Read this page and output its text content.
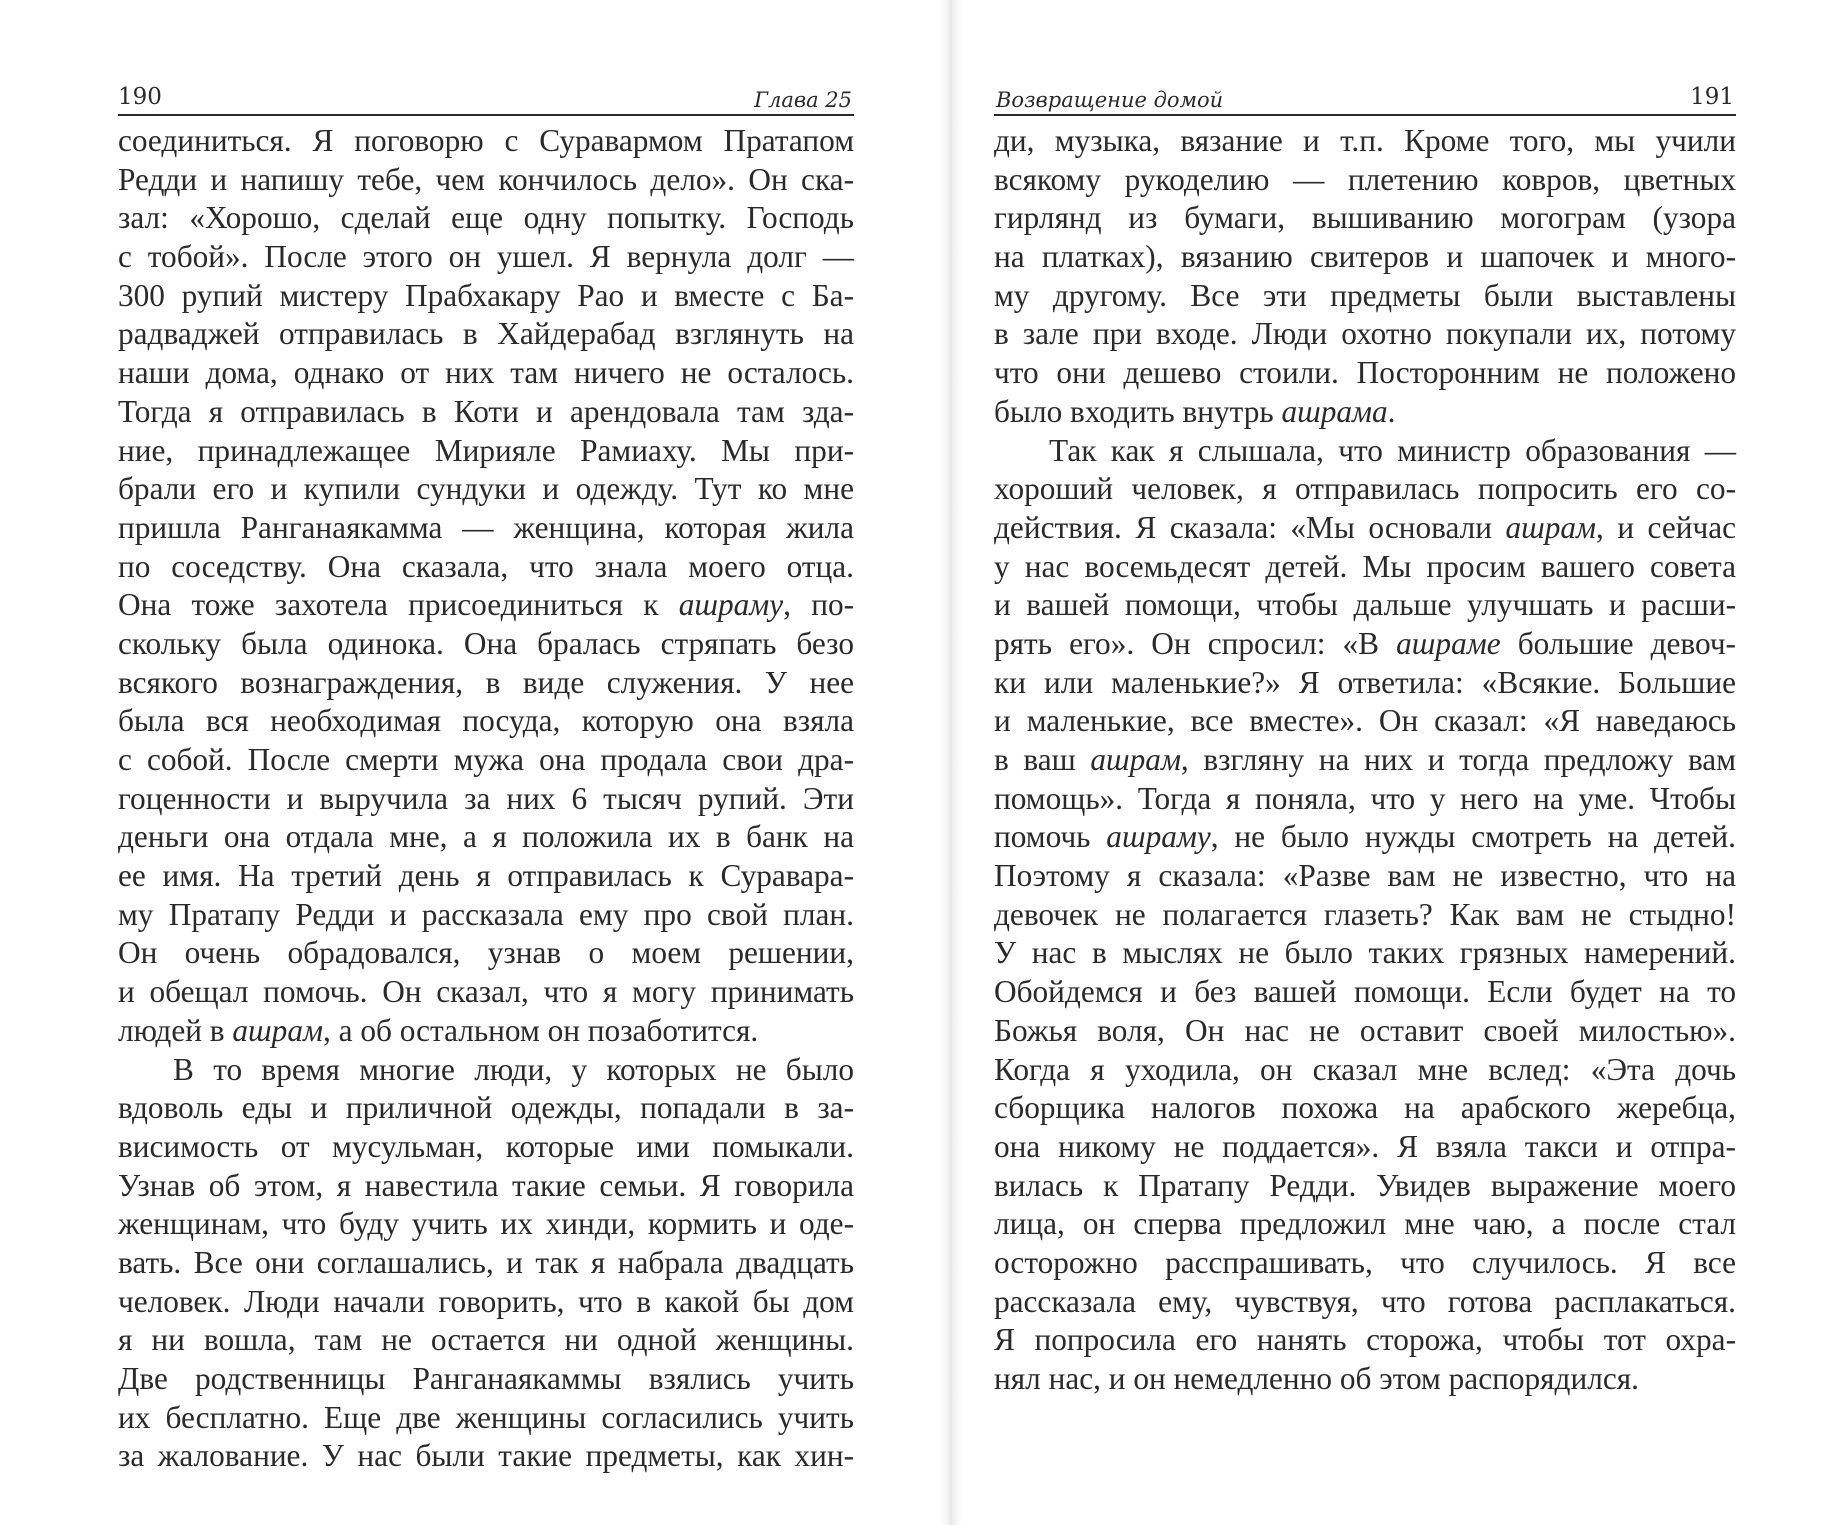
190	Глава 25

соединиться. Я поговорю с Суравармом Пратапом
Редди и напишу тебе, чем кончилось дело». Он ска-
зал: «Хорошо, сделай еще одну попытку. Господь
с тобой». После этого он ушел. Я вернула долг —
300 рупий мистеру Прабхакару Рао и вместе с Ба-
радваджей отправилась в Хайдерабад взглянуть на
наши дома, однако от них там ничего не осталось.
Тогда я отправилась в Коти и арендовала там зда-
ние, принадлежащее Мирияле Рамиаху. Мы при-
брали его и купили сундуки и одежду. Тут ко мне
пришла Ранганаякамма — женщина, которая жила
по соседству. Она сказала, что знала моего отца.
Она тоже захотела присоединиться к ашраму, по-
скольку была одинока. Она бралась стряпать безо
всякого вознаграждения, в виде служения. У нее
была вся необходимая посуда, которую она взяла
с собой. После смерти мужа она продала свои дра-
гоценности и выручила за них 6 тысяч рупий. Эти
деньги она отдала мне, а я положила их в банк на
ее имя. На третий день я отправилась к Суравара-
му Пратапу Редди и рассказала ему про свой план.
Он очень обрадовался, узнав о моем решении,
и обещал помочь. Он сказал, что я могу принимать
людей в ашрам, а об остальном он позаботится.

В то время многие люди, у которых не было
вдоволь еды и приличной одежды, попадали в за-
висимость от мусульман, которые ими помыкали.
Узнав об этом, я навестила такие семьи. Я говорила
женщинам, что буду учить их хинди, кормить и оде-
вать. Все они соглашались, и так я набрала двадцать
человек. Люди начали говорить, что в какой бы дом
я ни вошла, там не остается ни одной женщины.
Две родственницы Ранганаякаммы взялись учить
их бесплатно. Еще две женщины согласились учить
за жалование. У нас были такие предметы, как хин-

Возвращение домой	191

ди, музыка, вязание и т.п. Кроме того, мы учили
всякому рукоделию — плетению ковров, цветных
гирлянд из бумаги, вышиванию могограм (узора
на платках), вязанию свитеров и шапочек и много-
му другому. Все эти предметы были выставлены
в зале при входе. Люди охотно покупали их, потому
что они дешево стоили. Посторонним не положено
было входить внутрь ашрама.

Так как я слышала, что министр образования —
хороший человек, я отправилась попросить его со-
действия. Я сказала: «Мы основали ашрам, и сейчас
у нас восемьдесят детей. Мы просим вашего совета
и вашей помощи, чтобы дальше улучшать и расши-
рять его». Он спросил: «В ашраме большие девоч-
ки или маленькие?» Я ответила: «Всякие. Большие
и маленькие, все вместе». Он сказал: «Я наведаюсь
в ваш ашрам, взгляну на них и тогда предложу вам
помощь». Тогда я поняла, что у него на уме. Чтобы
помочь ашраму, не было нужды смотреть на детей.
Поэтому я сказала: «Разве вам не известно, что на
девочек не полагается глазеть? Как вам не стыдно!
У нас в мыслях не было таких грязных намерений.
Обойдемся и без вашей помощи. Если будет на то
Божья воля, Он нас не оставит своей милостью».
Когда я уходила, он сказал мне вслед: «Эта дочь
сборщика налогов похожа на арабского жеребца,
она никому не поддается». Я взяла такси и отпра-
вилась к Пратапу Редди. Увидев выражение моего
лица, он сперва предложил мне чаю, а после стал
осторожно расспрашивать, что случилось. Я все
рассказала ему, чувствуя, что готова расплакаться.
Я попросила его нанять сторожа, чтобы тот охра-
нял нас, и он немедленно об этом распорядился.
